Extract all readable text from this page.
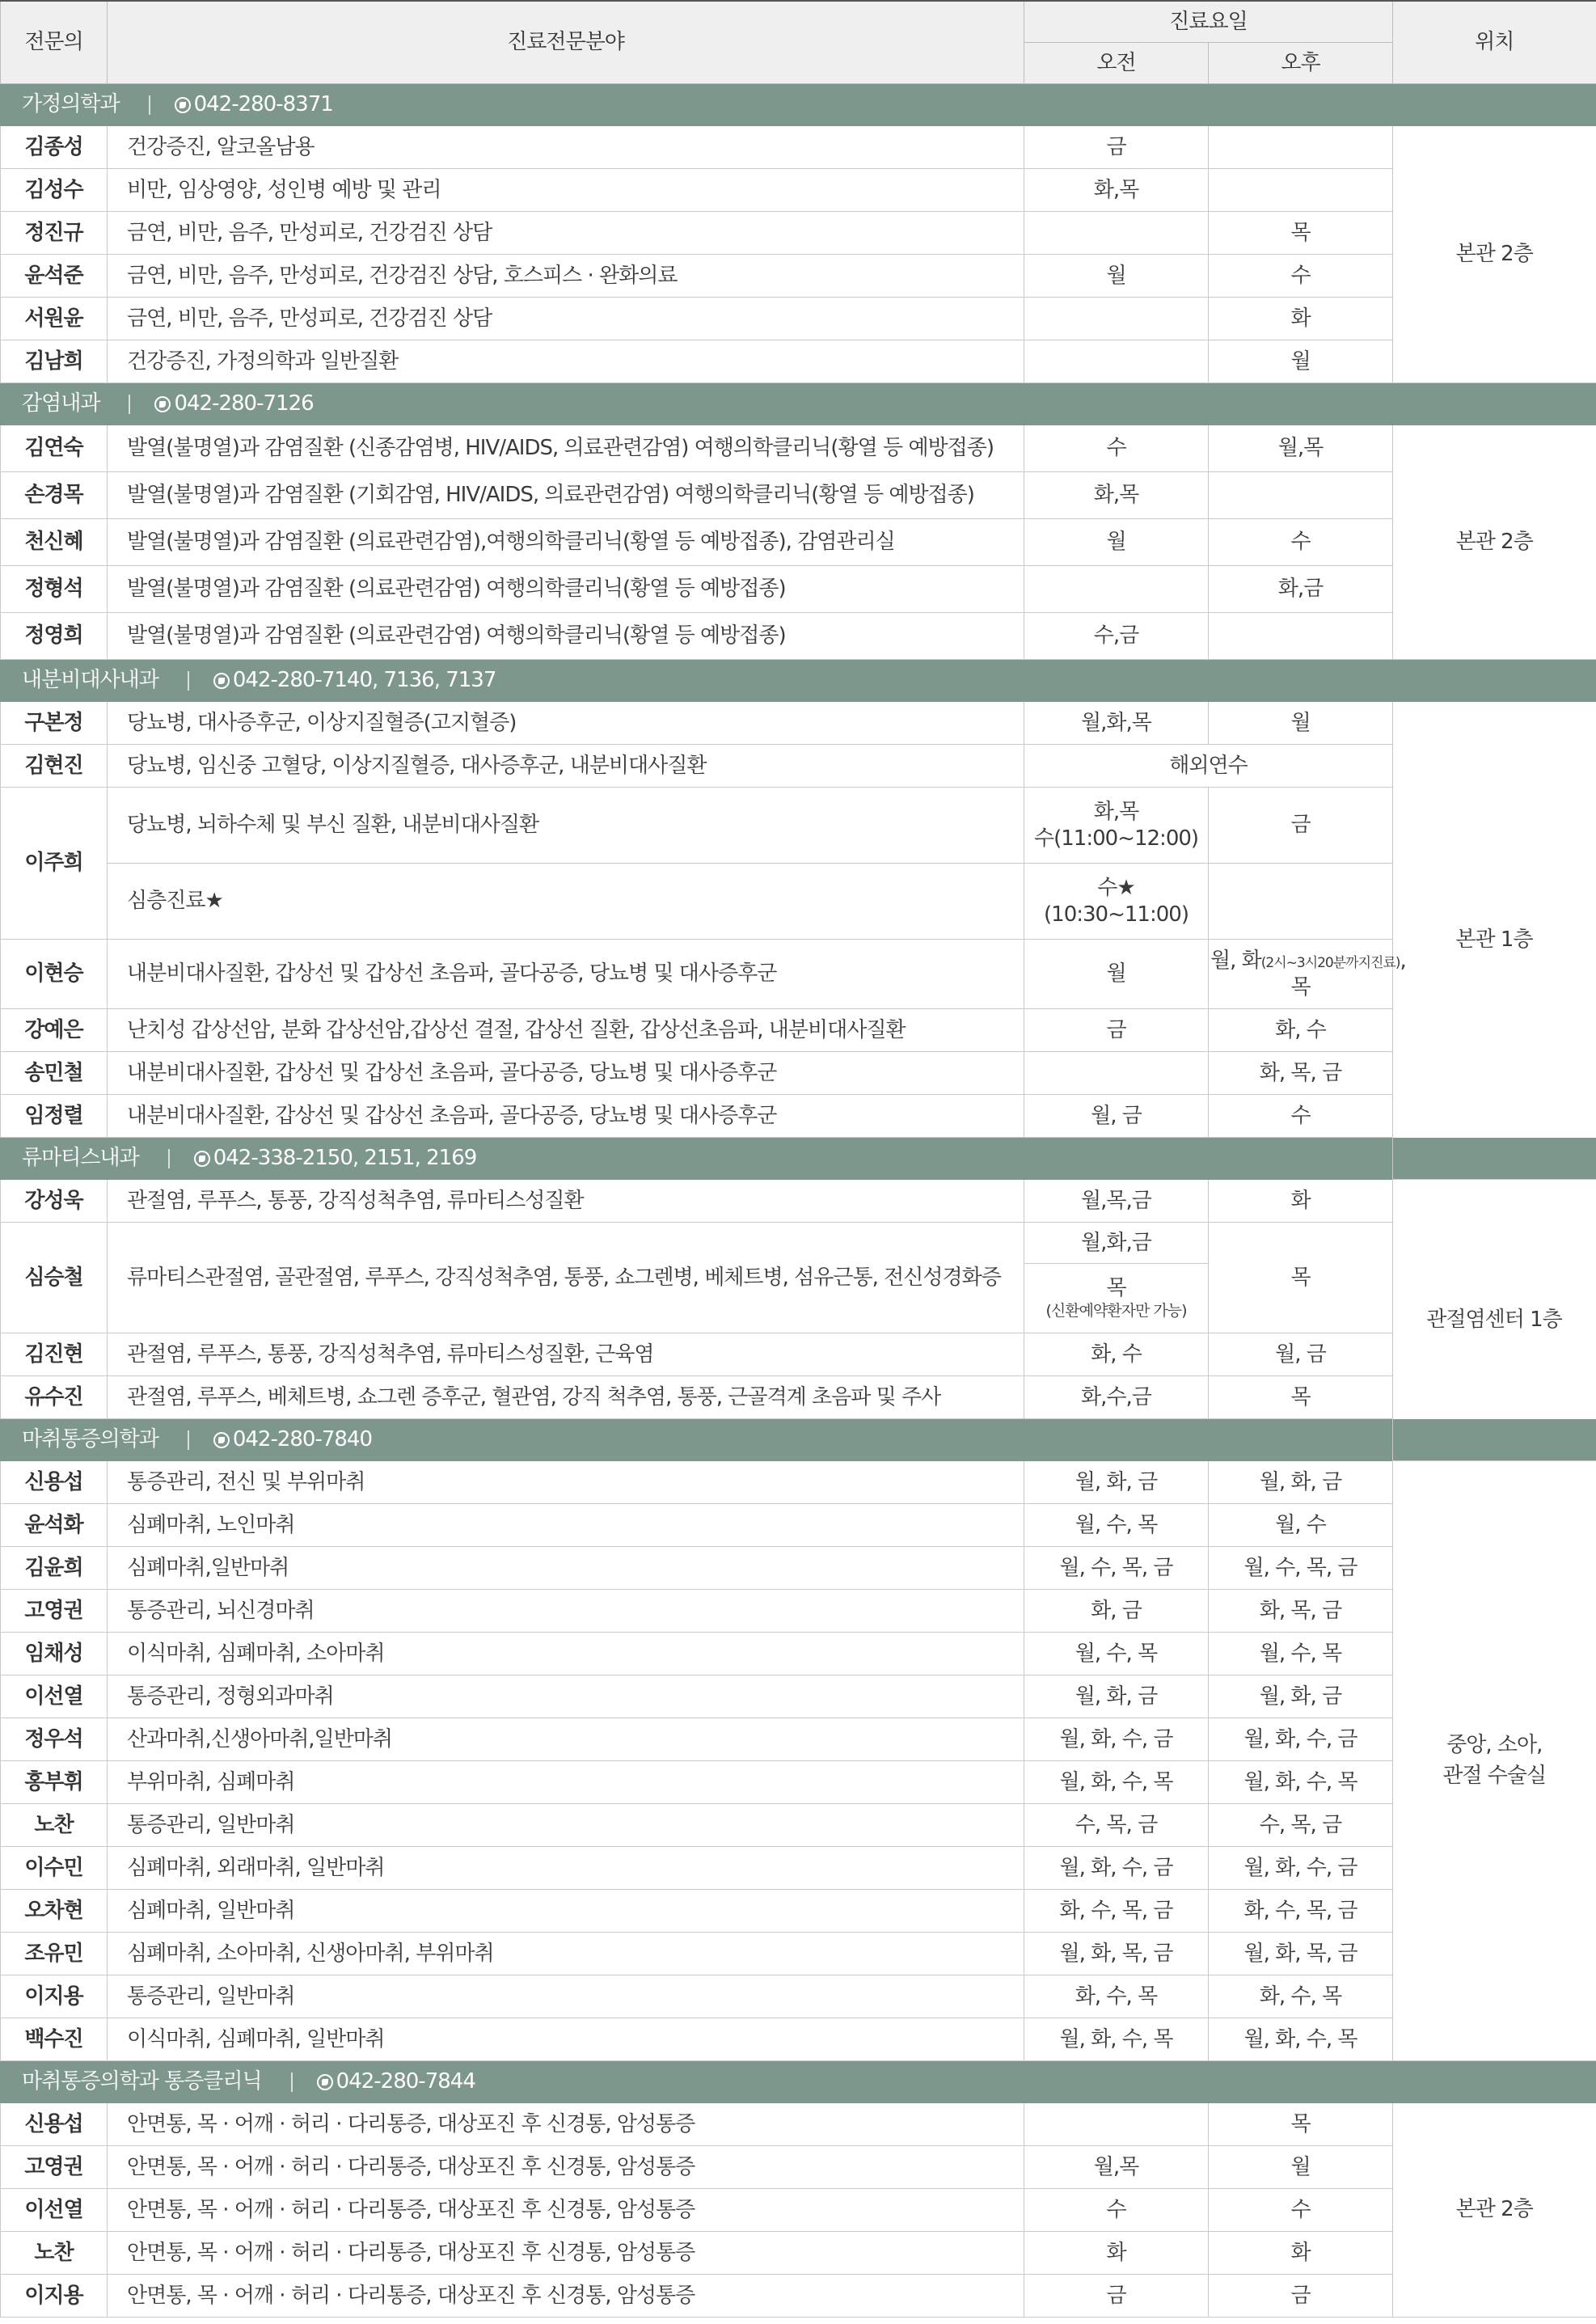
전문의	진료전문분야	진료요일		위치
		오전	오후	
가정의학과 042-280-8371				
김종성	건강증진, 알코올남용	금		본관 2층
김성수	비만, 임상영양, 성인병 예방 및 관리	화,목		
정진규	금연, 비만, 음주, 만성피로, 건강검진 상담		목	
윤석준	금연, 비만, 음주, 만성피로, 건강검진 상담, 호스피스 · 완화의료	월	수	
서원윤	금연, 비만, 음주, 만성피로, 건강검진 상담		화	
김남희	건강증진, 가정의학과 일반질환		월	
감염내과 042-280-7126				
김연숙	발열(불명열)과 감염질환 (신종감염병, HIV/AIDS, 의료관련감염) 여행의학클리닉(황열 등 예방접종)	수	월,목	본관 2층
손경목	발열(불명열)과 감염질환 (기회감염, HIV/AIDS, 의료관련감염) 여행의학클리닉(황열 등 예방접종)	화,목		
천신혜	발열(불명열)과 감염질환 (의료관련감염),여행의학클리닉(황열 등 예방접종), 감염관리실	월	수	
정형석	발열(불명열)과 감염질환 (의료관련감염) 여행의학클리닉(황열 등 예방접종)		화,금	
정영희	발열(불명열)과 감염질환 (의료관련감염) 여행의학클리닉(황열 등 예방접종)	수,금		
내분비대사내과 042-280-7140, 7136, 7137				
구본정	당뇨병, 대사증후군, 이상지질혈증(고지혈증)	월,화,목	월	본관 1층
김현진	당뇨병, 임신중 고혈당, 이상지질혈증, 대사증후군, 내분비대사질환	해외연수		
이주희	당뇨병, 뇌하수체 및 부신 질환, 내분비대사질환	화,목
수(11:00~12:00)	금	
	심층진료★	수★
(10:30~11:00)		

이현승	내분비대사질환, 갑상선 및 갑상선 초음파, 골다공증, 당뇨병 및 대사증후군	월	월, 화(2시~3시20분까지진료),
목	

강예은	난치성 갑상선암, 분화 갑상선암,갑상선 결절, 갑상선 질환, 갑상선초음파, 내분비대사질환	금	화, 수	
송민철	내분비대사질환, 갑상선 및 갑상선 초음파, 골다공증, 당뇨병 및 대사증후군		화, 목, 금	
임정렬	내분비대사질환, 갑상선 및 갑상선 초음파, 골다공증, 당뇨병 및 대사증후군	월, 금	수	
류마티스내과 042-338-2150, 2151, 2169				
강성욱	관절염, 루푸스, 통풍, 강직성척추염, 류마티스성질환	월,목,금	화	관절염센터 1층
심승철	류마티스관절염, 골관절염, 루푸스, 강직성척추염, 통풍, 쇼그렌병, 베체트병, 섬유근통, 전신성경화증	월,화,금	목	

		목
(신환예약환자만 가능)		

김진현	관절염, 루푸스, 통풍, 강직성척추염, 류마티스성질환, 근육염	화, 수	월, 금	
유수진	관절염, 루푸스, 베체트병, 쇼그렌 증후군, 혈관염, 강직 척추염, 통풍, 근골격계 초음파 및 주사	화,수,금	목	
마취통증의학과 042-280-7840				
신용섭	통증관리, 전신 및 부위마취	월, 화, 금	월, 화, 금	중앙, 소아,
관절 수술실

윤석화	심폐마취, 노인마취	월, 수, 목	월, 수	
김윤희	심폐마취,일반마취	월, 수, 목, 금	월, 수, 목, 금	
고영권	통증관리, 뇌신경마취	화, 금	화, 목, 금	
임채성	이식마취, 심폐마취, 소아마취	월, 수, 목	월, 수, 목	
이선열	통증관리, 정형외과마취	월, 화, 금	월, 화, 금	
정우석	산과마취,신생아마취,일반마취	월, 화, 수, 금	월, 화, 수, 금	
홍부휘	부위마취, 심폐마취	월, 화, 수, 목	월, 화, 수, 목	
노찬	통증관리, 일반마취	수, 목, 금	수, 목, 금	
이수민	심폐마취, 외래마취, 일반마취	월, 화, 수, 금	월, 화, 수, 금	
오차현	심폐마취, 일반마취	화, 수, 목, 금	화, 수, 목, 금	
조유민	심폐마취, 소아마취, 신생아마취, 부위마취	월, 화, 목, 금	월, 화, 목, 금	
이지용	통증관리, 일반마취	화, 수, 목	화, 수, 목	
백수진	이식마취, 심폐마취, 일반마취	월, 화, 수, 목	월, 화, 수, 목	
마취통증의학과 통증클리닉 042-280-7844				
신용섭	안면통, 목 · 어깨 · 허리 · 다리통증, 대상포진 후 신경통, 암성통증		목	본관 2층
고영권	안면통, 목 · 어깨 · 허리 · 다리통증, 대상포진 후 신경통, 암성통증	월,목	월	
이선열	안면통, 목 · 어깨 · 허리 · 다리통증, 대상포진 후 신경통, 암성통증	수	수	
노찬	안면통, 목 · 어깨 · 허리 · 다리통증, 대상포진 후 신경통, 암성통증	화	화	
이지용	안면통, 목 · 어깨 · 허리 · 다리통증, 대상포진 후 신경통, 암성통증	금	금	
